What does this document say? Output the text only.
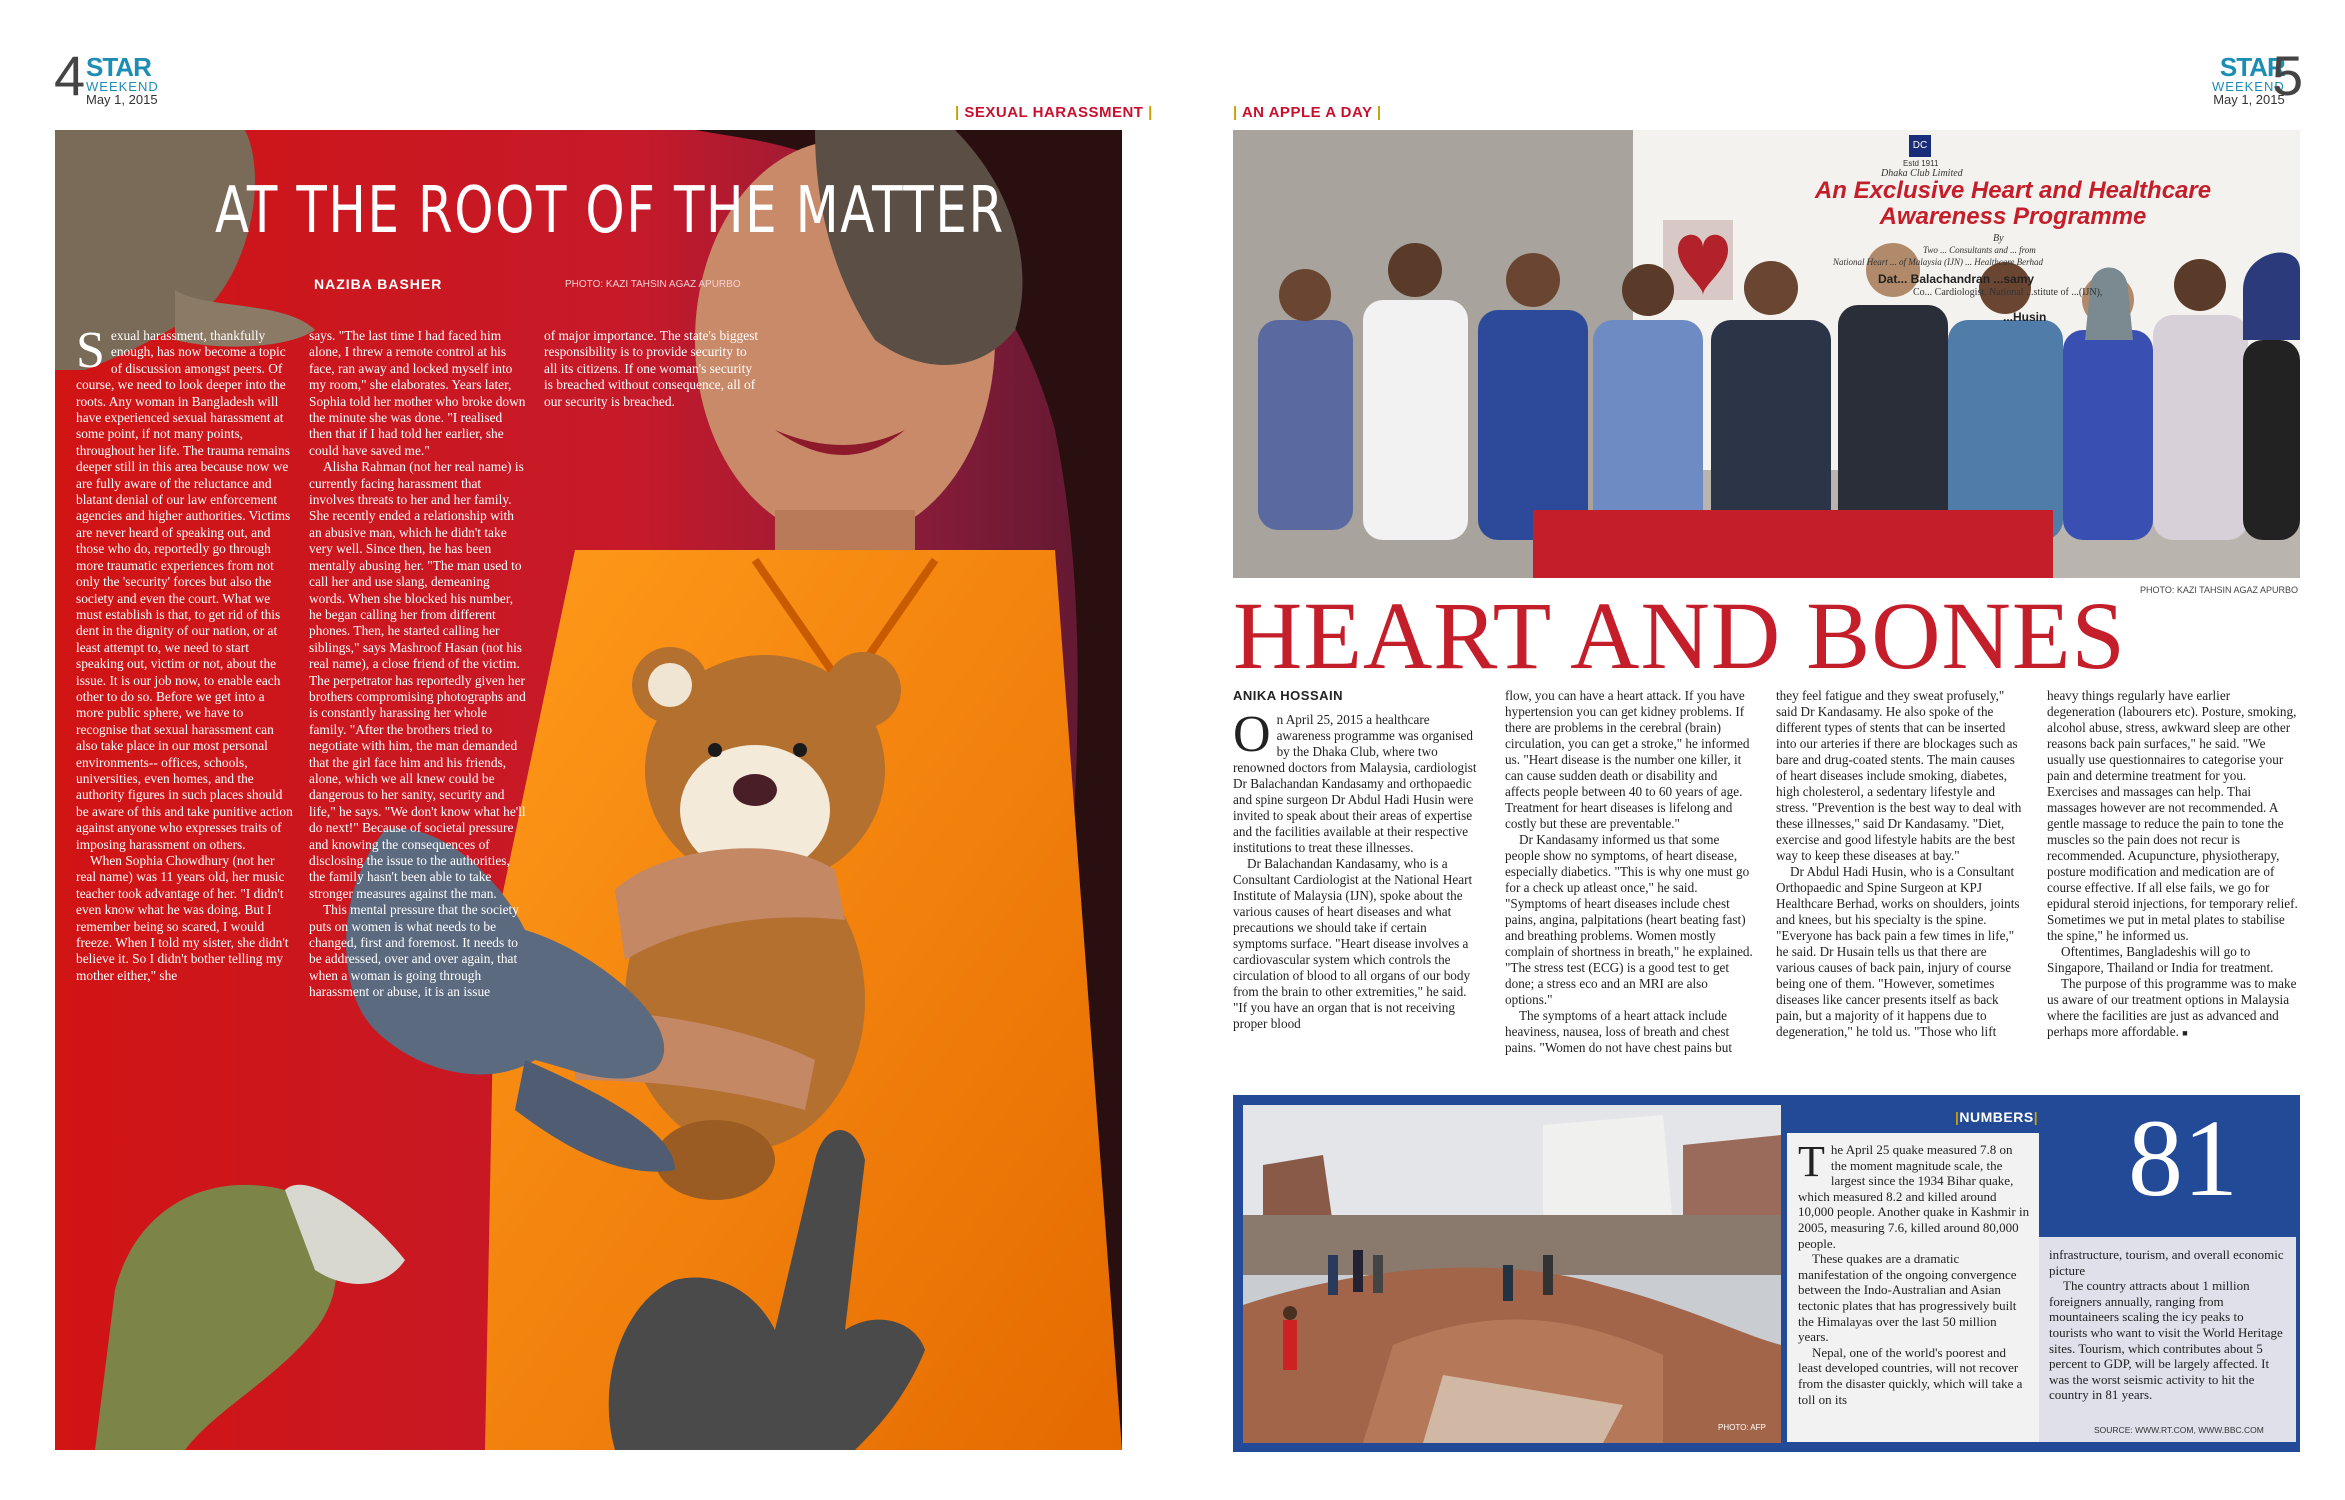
4 STAR
WEEKEND
May 1, 2015
| SEXUAL HARASSMENT |
AT THE ROOT OF THE MATTER
NAZIBA BASHER	PHOTO: KAZI TAHSIN AGAZ APURBO

Sexual harassment, thankfully enough, has now become a topic of discussion amongst peers. Of course, we need to look deeper into the roots. Any woman in Bangladesh will have experienced sexual harassment at some point, if not many points, throughout her life. The trauma remains deeper still in this area because now we are fully aware of the reluctance and blatant denial of our law enforcement agencies and higher authorities. Victims are never heard of speaking out, and those who do, reportedly go through more traumatic experiences from not only the 'security' forces but also the society and even the court. What we must establish is that, to get rid of this dent in the dignity of our nation, or at least attempt to, we need to start speaking out, victim or not, about the issue. It is our job now, to enable each other to do so. Before we get into a more public sphere, we have to recognise that sexual harassment can also take place in our most personal environments-- offices, schools, universities, even homes, and the authority figures in such places should be aware of this and take punitive action against anyone who expresses traits of imposing harassment on others.

When Sophia Chowdhury (not her real name) was 11 years old, her music teacher took advantage of her. "I didn't even know what he was doing. But I remember being so scared, I would freeze. When I told my sister, she didn't believe it. So I didn't bother telling my mother either," she

says. "The last time I had faced him alone, I threw a remote control at his face, ran away and locked myself into my room," she elaborates. Years later, Sophia told her mother who broke down the minute she was done. "I realised then that if I had told her earlier, she could have saved me."

Alisha Rahman (not her real name) is currently facing harassment that involves threats to her and her family. She recently ended a relationship with an abusive man, which he didn't take very well. Since then, he has been mentally abusing her. "The man used to call her and use slang, demeaning words. When she blocked his number, he began calling her from different phones. Then, he started calling her siblings," says Mashroof Hasan (not his real name), a close friend of the victim. The perpetrator has reportedly given her brothers compromising photographs and is constantly harassing her whole family. "After the brothers tried to negotiate with him, the man demanded that the girl face him and his friends, alone, which we all knew could be dangerous to her sanity, security and life," he says. "We don't know what he'll do next!" Because of societal pressure and knowing the consequences of disclosing the issue to the authorities, the family hasn't been able to take stronger measures against the man.

This mental pressure that the society puts on women is what needs to be changed, first and foremost. It needs to be addressed, over and over again, that when a woman is going through harassment or abuse, it is an issue

of major importance. The state's biggest responsibility is to provide security to all its citizens. If one woman's security is breached without consequence, all of our security is breached.

STAR
WEEKEND
May 1, 2015
5
| AN APPLE A DAY |
DC
Estd 1911
Dhaka Club Limited
An Exclusive Heart and Healthcare
Awareness Programme
By
Two ... Consultants and ... from
National Heart ... of Malaysia (IJN) ... Healthcare Berhad
Dat... Balachandran ...samy
Co... Cardiologist, National ...stitute of ...(IJN),
...Husin
PHOTO: KAZI TAHSIN AGAZ APURBO
HEART AND BONES
ANIKA HOSSAIN

On April 25, 2015 a healthcare awareness programme was organised by the Dhaka Club, where two renowned doctors from Malaysia, cardiologist Dr Balachandan Kandasamy and orthopaedic and spine surgeon Dr Abdul Hadi Husin were invited to speak about their areas of expertise and the facilities available at their respective institutions to treat these illnesses.

Dr Balachandan Kandasamy, who is a Consultant Cardiologist at the National Heart Institute of Malaysia (IJN), spoke about the various causes of heart diseases and what precautions we should take if certain symptoms surface. "Heart disease involves a cardiovascular system which controls the circulation of blood to all organs of our body from the brain to other extremities," he said. "If you have an organ that is not receiving proper blood

flow, you can have a heart attack. If you have hypertension you can get kidney problems. If there are problems in the cerebral (brain) circulation, you can get a stroke," he informed us. "Heart disease is the number one killer, it can cause sudden death or disability and affects people between 40 to 60 years of age. Treatment for heart diseases is lifelong and costly but these are preventable."

Dr Kandasamy informed us that some people show no symptoms, of heart disease, especially diabetics. "This is why one must go for a check up atleast once," he said. "Symptoms of heart diseases include chest pains, angina, palpitations (heart beating fast) and breathing problems. Women mostly complain of shortness in breath," he explained. "The stress test (ECG) is a good test to get done; a stress eco and an MRI are also options."

The symptoms of a heart attack include heaviness, nausea, loss of breath and chest pains. "Women do not have chest pains but

they feel fatigue and they sweat profusely," said Dr Kandasamy. He also spoke of the different types of stents that can be inserted into our arteries if there are blockages such as bare and drug-coated stents. The main causes of heart diseases include smoking, diabetes, high cholesterol, a sedentary lifestyle and stress. "Prevention is the best way to deal with these illnesses," said Dr Kandasamy. "Diet, exercise and good lifestyle habits are the best way to keep these diseases at bay."

Dr Abdul Hadi Husin, who is a Consultant Orthopaedic and Spine Surgeon at KPJ Healthcare Berhad, works on shoulders, joints and knees, but his specialty is the spine. "Everyone has back pain a few times in life," he said. Dr Husain tells us that there are various causes of back pain, injury of course being one of them. "However, sometimes diseases like cancer presents itself as back pain, but a majority of it happens due to degeneration," he told us. "Those who lift

heavy things regularly have earlier degeneration (labourers etc). Posture, smoking, alcohol abuse, stress, awkward sleep are other reasons back pain surfaces," he said. "We usually use questionnaires to categorise your pain and determine treatment for you. Exercises and massages can help. Thai massages however are not recommended. A gentle massage to reduce the pain to tone the muscles so the pain does not recur is recommended. Acupuncture, physiotherapy, posture modification and medication are of course effective. If all else fails, we go for epidural steroid injections, for temporary relief. Sometimes we put in metal plates to stabilise the spine," he informed us.

Oftentimes, Bangladeshis will go to Singapore, Thailand or India for treatment.

The purpose of this programme was to make us aware of our treatment options in Malaysia where the facilities are just as advanced and perhaps more affordable. ■

PHOTO: AFP
|NUMBERS|

The April 25 quake measured 7.8 on the moment magnitude scale, the largest since the 1934 Bihar quake, which measured 8.2 and killed around 10,000 people. Another quake in Kashmir in 2005, measuring 7.6, killed around 80,000 people.

These quakes are a dramatic manifestation of the ongoing convergence between the Indo-Australian and Asian tectonic plates that has progressively built the Himalayas over the last 50 million years.

Nepal, one of the world's poorest and least developed countries, will not recover from the disaster quickly, which will take a toll on its

81

infrastructure, tourism, and overall economic picture

The country attracts about 1 million foreigners annually, ranging from mountaineers scaling the icy peaks to tourists who want to visit the World Heritage sites. Tourism, which contributes about 5 percent to GDP, will be largely affected. It was the worst seismic activity to hit the country in 81 years.

SOURCE: WWW.RT.COM, WWW.BBC.COM
